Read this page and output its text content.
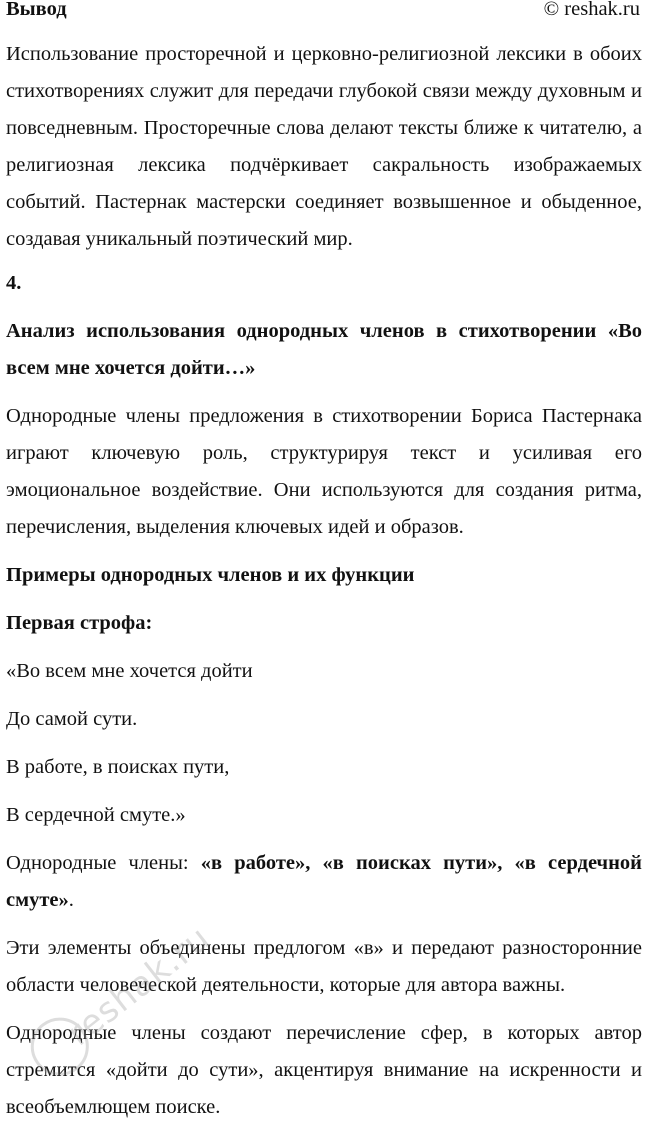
Вывод	© reshak.ru

Использование просторечной и церковно-религиозной лексики в обоих стихотворениях служит для передачи глубокой связи между духовным и повседневным. Просторечные слова делают тексты ближе к читателю, а религиозная лексика подчёркивает сакральность изображаемых событий. Пастернак мастерски соединяет возвышенное и обыденное, создавая уникальный поэтический мир.

4.

Анализ использования однородных членов в стихотворении «Во всем мне хочется дойти…»

Однородные члены предложения в стихотворении Бориса Пастернака играют ключевую роль, структурируя текст и усиливая его эмоциональное воздействие. Они используются для создания ритма, перечисления, выделения ключевых идей и образов.

Примеры однородных членов и их функции

Первая строфа:

«Во всем мне хочется дойти

До самой сути.

В работе, в поисках пути,

В сердечной смуте.»

Однородные члены: «в работе», «в поисках пути», «в сердечной смуте».

Эти элементы объединены предлогом «в» и передают разносторонние области человеческой деятельности, которые для автора важны.

Однородные члены создают перечисление сфер, в которых автор стремится «дойти до сути», акцентируя внимание на искренности и всеобъемлющем поиске.

reshak.ru
